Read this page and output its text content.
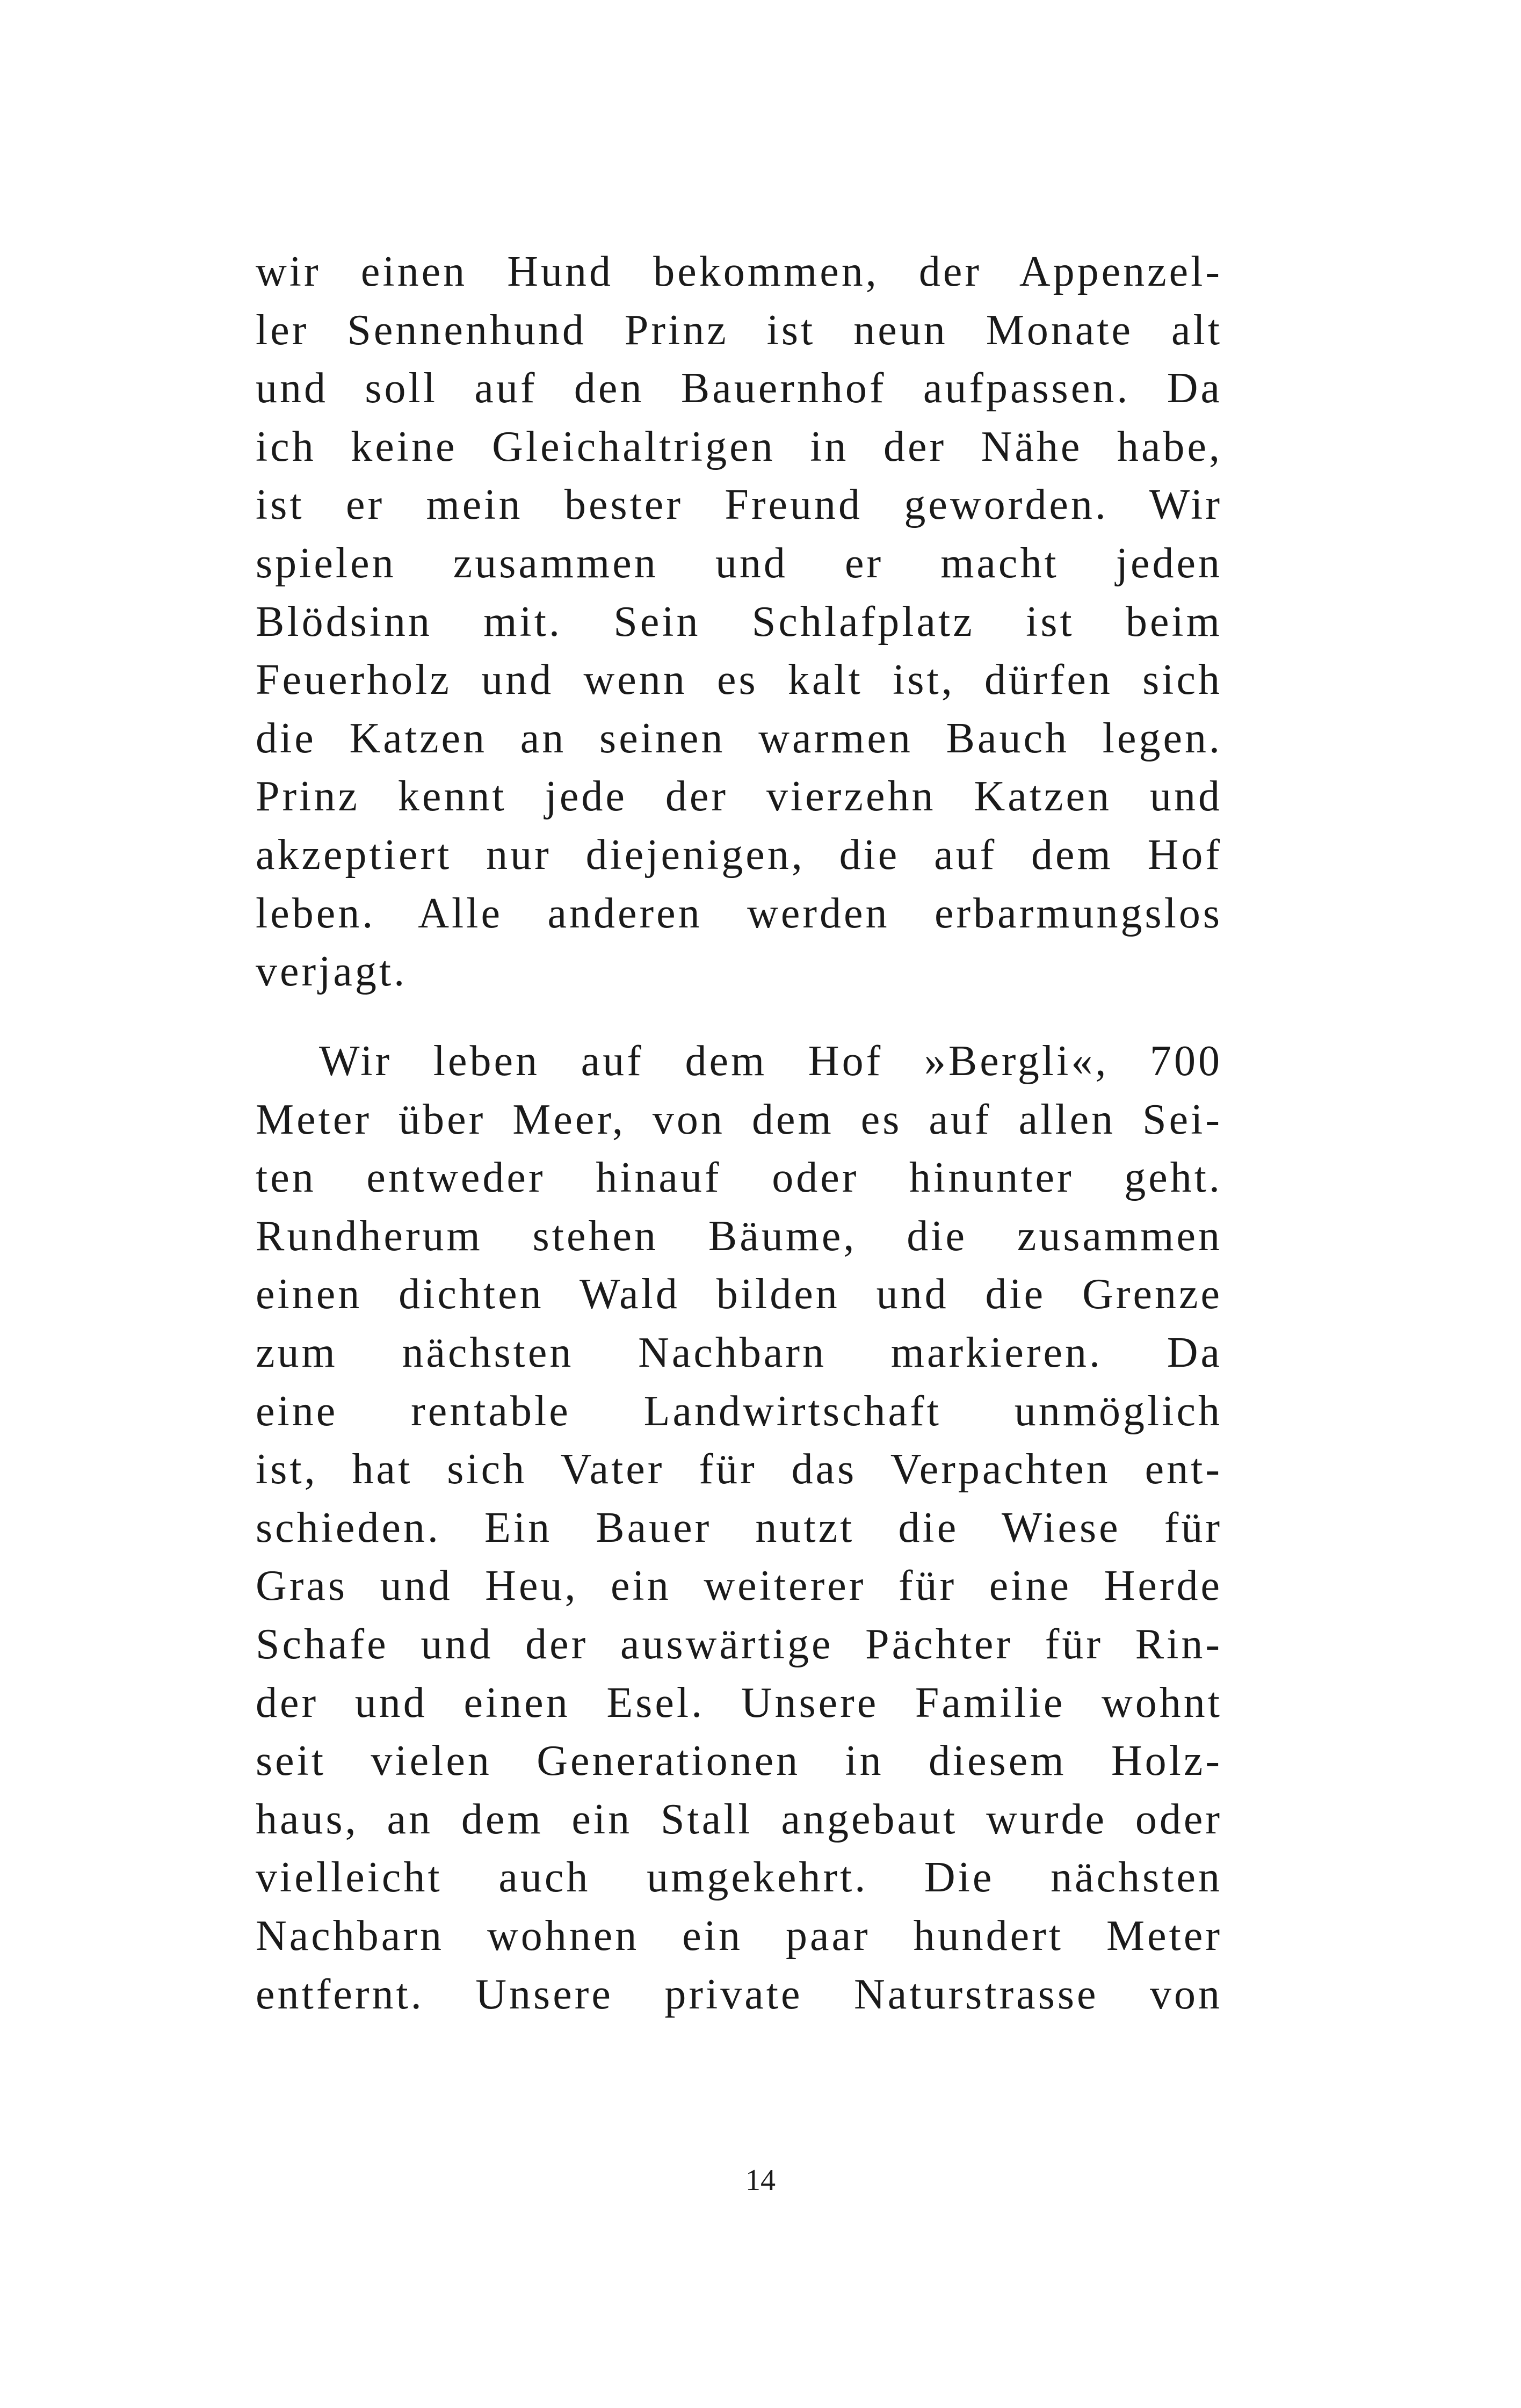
wir einen Hund bekommen, der Appenzel-
ler Sennenhund Prinz ist neun Monate alt
und soll auf den Bauernhof aufpassen. Da
ich keine Gleichaltrigen in der Nähe habe,
ist er mein bester Freund geworden. Wir
spielen zusammen und er macht jeden
Blödsinn mit. Sein Schlafplatz ist beim
Feuerholz und wenn es kalt ist, dürfen sich
die Katzen an seinen warmen Bauch legen.
Prinz kennt jede der vierzehn Katzen und
akzeptiert nur diejenigen, die auf dem Hof
leben. Alle anderen werden erbarmungslos
verjagt.
Wir leben auf dem Hof »Bergli«, 700
Meter über Meer, von dem es auf allen Sei-
ten entweder hinauf oder hinunter geht.
Rundherum stehen Bäume, die zusammen
einen dichten Wald bilden und die Grenze
zum nächsten Nachbarn markieren. Da
eine rentable Landwirtschaft unmöglich
ist, hat sich Vater für das Verpachten ent-
schieden. Ein Bauer nutzt die Wiese für
Gras und Heu, ein weiterer für eine Herde
Schafe und der auswärtige Pächter für Rin-
der und einen Esel. Unsere Familie wohnt
seit vielen Generationen in diesem Holz-
haus, an dem ein Stall angebaut wurde oder
vielleicht auch umgekehrt. Die nächsten
Nachbarn wohnen ein paar hundert Meter
entfernt. Unsere private Naturstrasse von
14
